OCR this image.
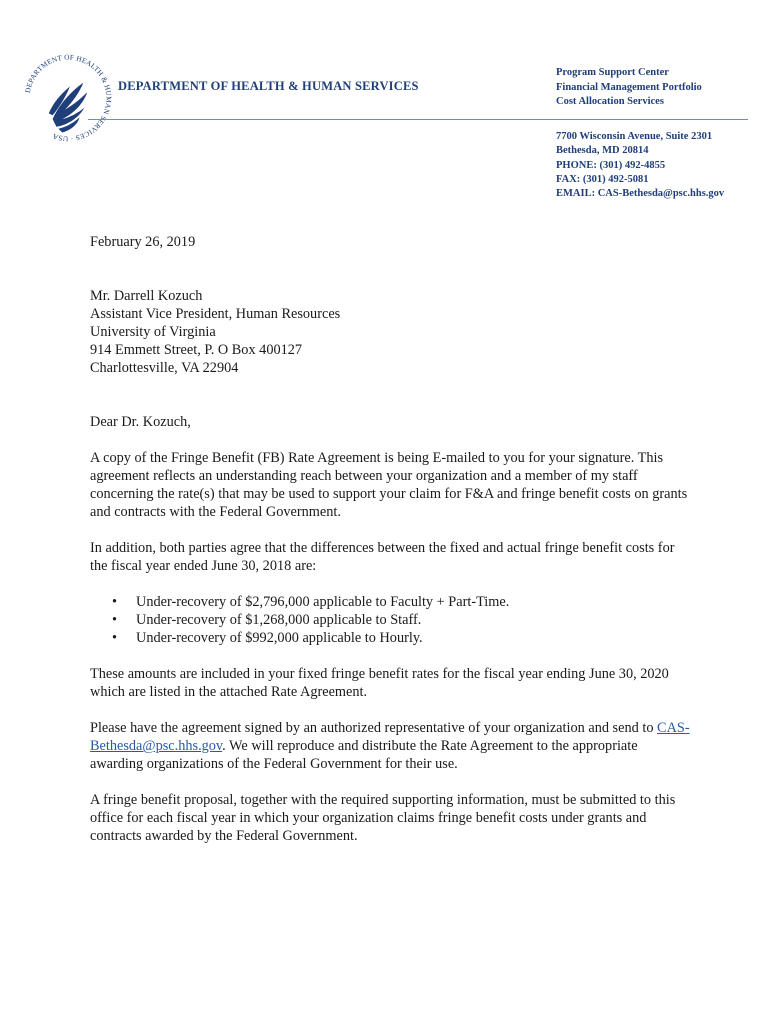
DEPARTMENT OF HEALTH & HUMAN SERVICES · USA
DEPARTMENT OF HEALTH & HUMAN SERVICES
Program Support Center
Financial Management Portfolio
Cost Allocation Services
7700 Wisconsin Avenue, Suite 2301
Bethesda, MD 20814
PHONE: (301) 492-4855
FAX: (301) 492-5081
EMAIL: CAS-Bethesda@psc.hhs.gov

February 26, 2019

Mr. Darrell Kozuch
Assistant Vice President, Human Resources
University of Virginia
914 Emmett Street, P. O Box 400127
Charlottesville, VA 22904

Dear Dr. Kozuch,

A copy of the Fringe Benefit (FB) Rate Agreement is being E-mailed to you for your signature. This agreement reflects an understanding reach between your organization and a member of my staff concerning the rate(s) that may be used to support your claim for F&A and fringe benefit costs on grants and contracts with the Federal Government.

In addition, both parties agree that the differences between the fixed and actual fringe benefit costs for the fiscal year ended June 30, 2018 are:

• Under-recovery of $2,796,000 applicable to Faculty + Part-Time.
• Under-recovery of $1,268,000 applicable to Staff.
• Under-recovery of $992,000 applicable to Hourly.

These amounts are included in your fixed fringe benefit rates for the fiscal year ending June 30, 2020 which are listed in the attached Rate Agreement.

Please have the agreement signed by an authorized representative of your organization and send to CAS-Bethesda@psc.hhs.gov. We will reproduce and distribute the Rate Agreement to the appropriate awarding organizations of the Federal Government for their use.

A fringe benefit proposal, together with the required supporting information, must be submitted to this office for each fiscal year in which your organization claims fringe benefit costs under grants and contracts awarded by the Federal Government.
